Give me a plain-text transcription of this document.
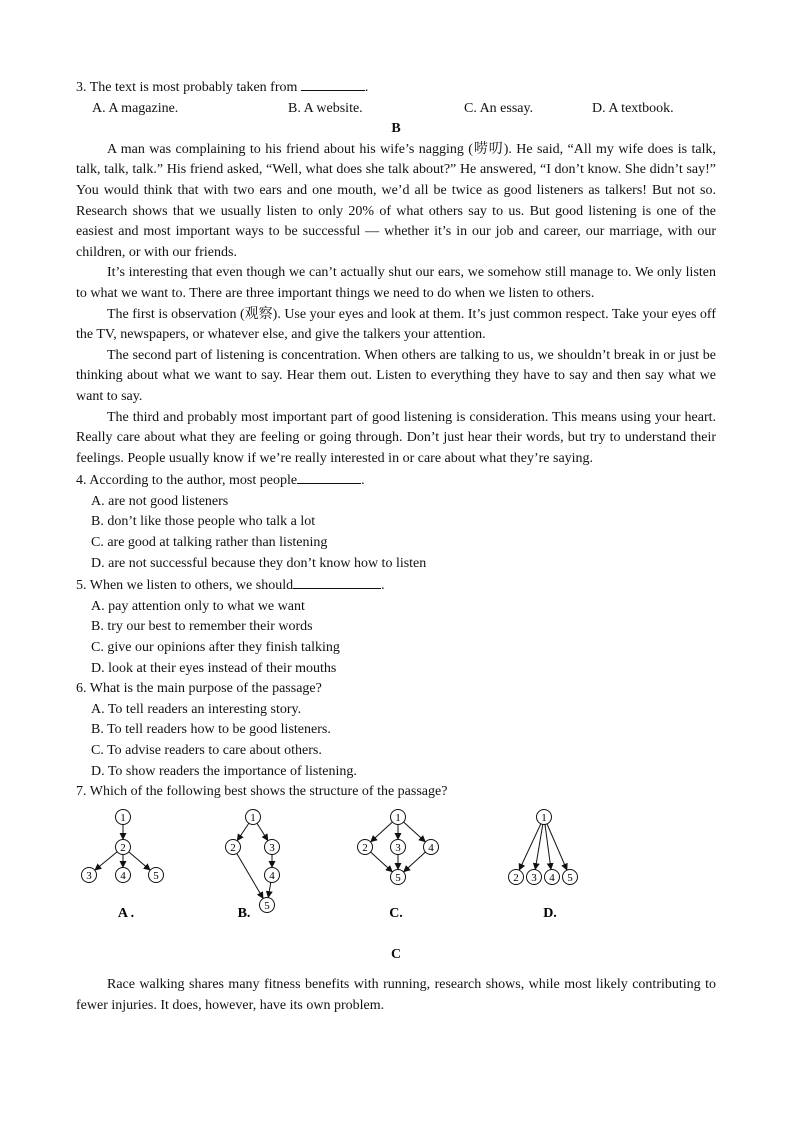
3. The text is most probably taken from	.

A. A magazine.	B. A website.	C. An essay.	D. A textbook.

B

A man was complaining to his friend about his wife’s nagging (唠叨). He said, “All my wife does is talk, talk, talk, talk.” His friend asked, “Well, what does she talk about?” He answered, “I don’t know. She didn’t say!” You would think that with two ears and one mouth, we’d all be twice as good listeners as talkers! But not so. Research shows that we usually listen to only 20% of what others say to us. But good listening is one of the easiest and most important ways to be successful — whether it’s in our job and career, our marriage, with our children, or with our friends.

It’s interesting that even though we can’t actually shut our ears, we somehow still manage to. We only listen to what we want to. There are three important things we need to do when we listen to others.

The first is observation (观察). Use your eyes and look at them. It’s just common respect. Take your eyes off the TV, newspapers, or whatever else, and give the talkers your attention.

The second part of listening is concentration. When others are talking to us, we shouldn’t break in or just be thinking about what we want to say. Hear them out. Listen to everything they have to say and then say what we want to say.

The third and probably most important part of good listening is consideration. This means using your heart. Really care about what they are feeling or going through. Don’t just hear their words, but try to understand their feelings. People usually know if we’re really interested in or care about what they’re saying.

4. According to the author, most people	.

A. are not good listeners

B. don’t like those people who talk a lot

C. are good at talking rather than listening

D. are not successful because they don’t know how to listen

5. When we listen to others, we should	.

A. pay attention only to what we want

B. try our best to remember their words

C. give our opinions after they finish talking

D. look at their eyes instead of their mouths

6. What is the main purpose of the passage?

A. To tell readers an interesting story.

B. To tell readers how to be good listeners.

C. To advise readers to care about others.

D. To show readers the importance of listening.

7. Which of the following best shows the structure of the passage?

1
2
3	4	5
1
2	3
4
5
1
2	3	4
5
1
2 3 4 5
A .	B.	C.	D.

C

Race walking shares many fitness benefits with running, research shows, while most likely contributing to fewer injuries. It does, however, have its own problem.
